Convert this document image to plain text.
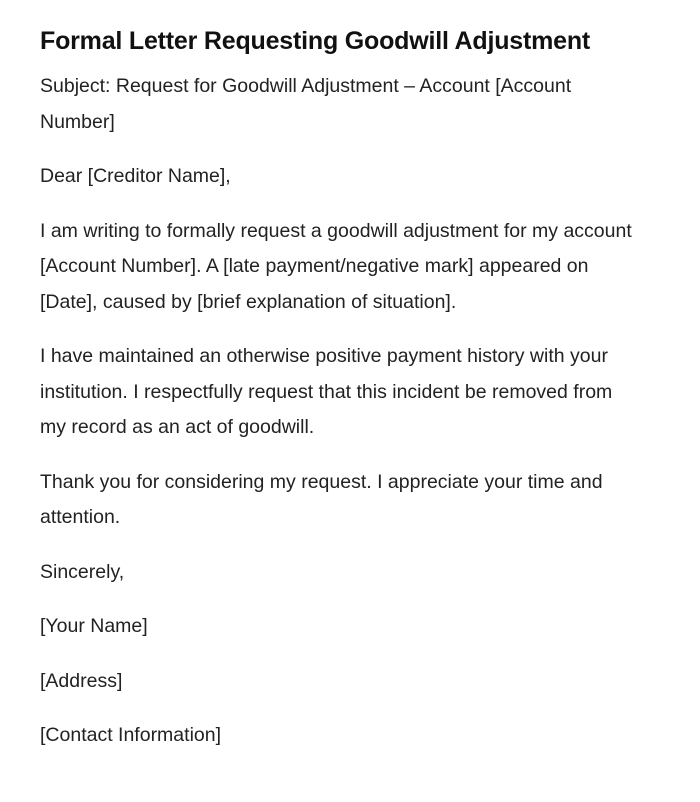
Formal Letter Requesting Goodwill Adjustment

Subject: Request for Goodwill Adjustment – Account [Account Number]

Dear [Creditor Name],

I am writing to formally request a goodwill adjustment for my account [Account Number]. A [late payment/negative mark] appeared on [Date], caused by [brief explanation of situation].

I have maintained an otherwise positive payment history with your institution. I respectfully request that this incident be removed from my record as an act of goodwill.

Thank you for considering my request. I appreciate your time and attention.

Sincerely,

[Your Name]

[Address]

[Contact Information]
